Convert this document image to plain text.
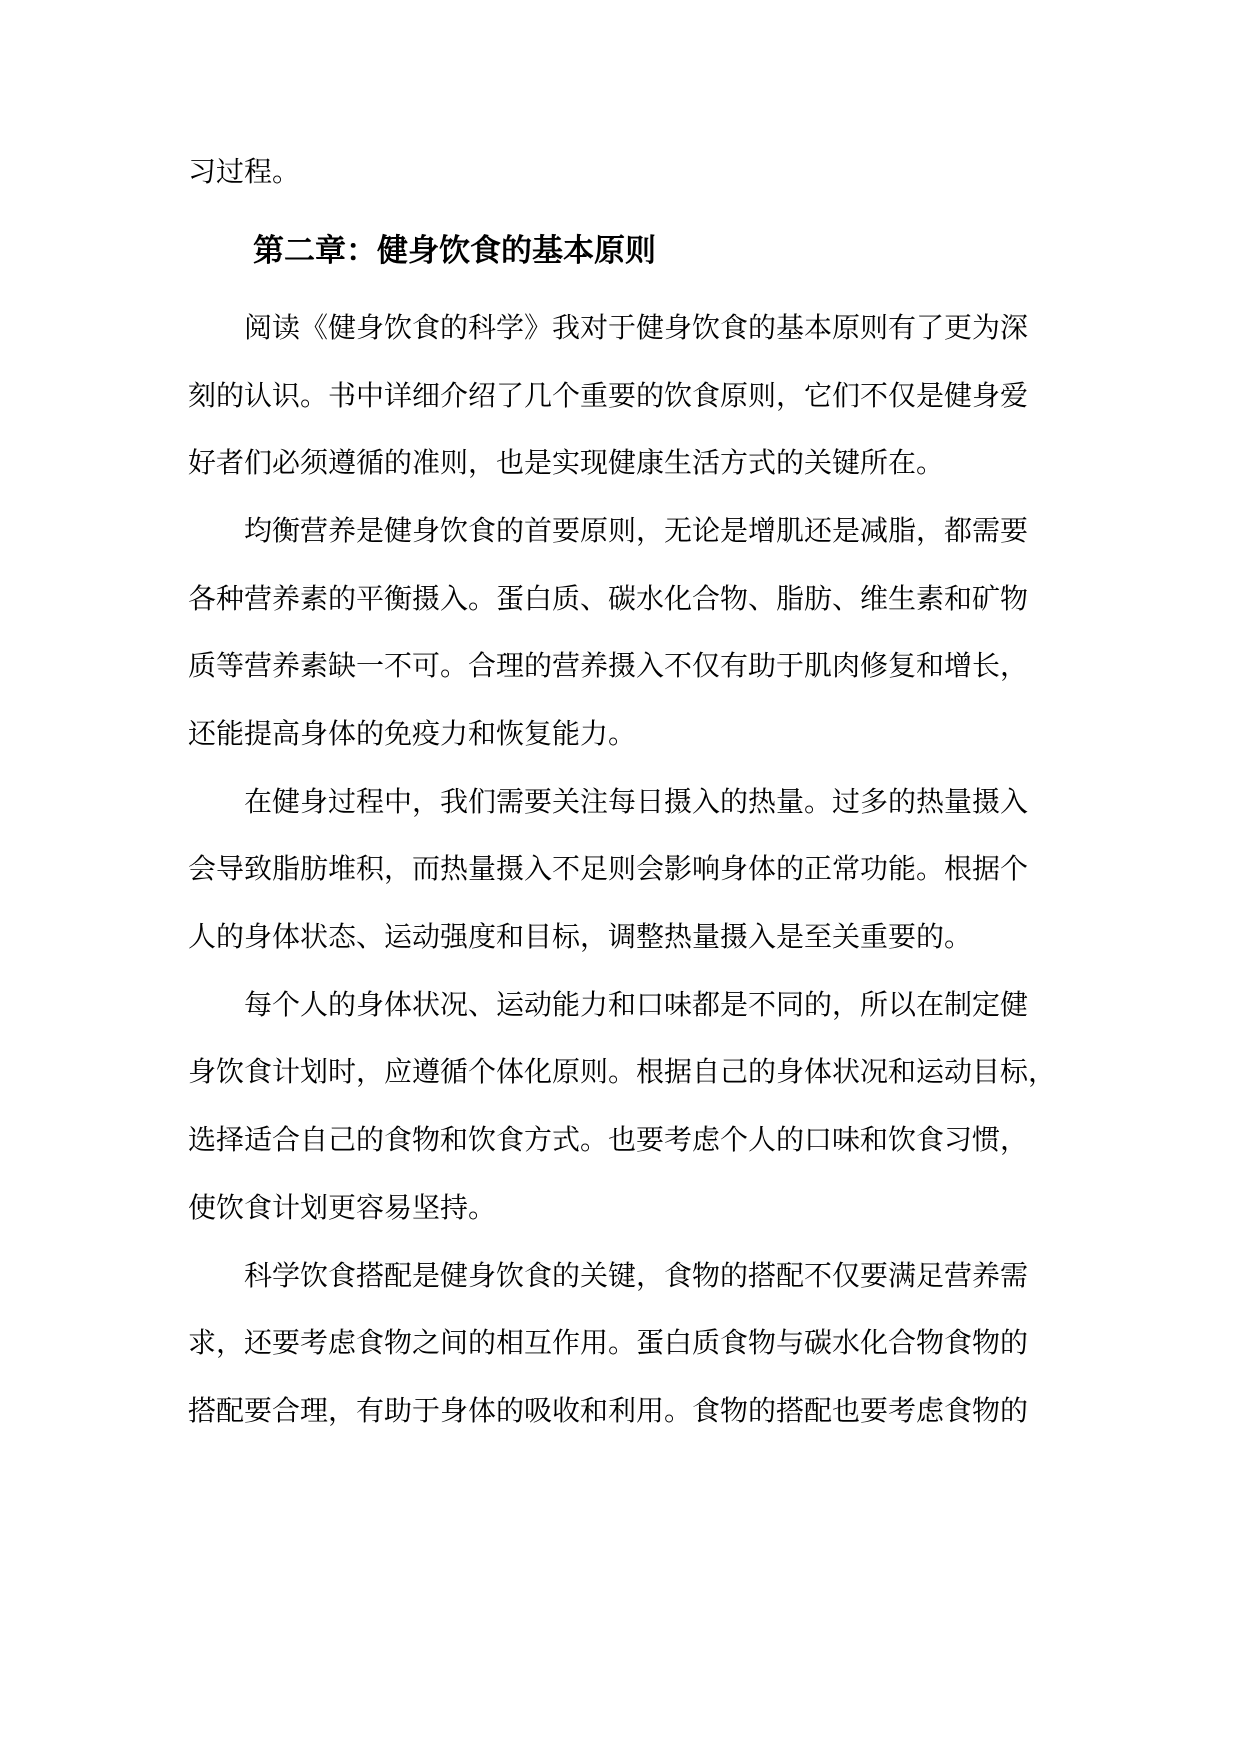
习过程。
第二章：健身饮食的基本原则
阅读《健身饮食的科学》我对于健身饮食的基本原则有了更为深
刻的认识。书中详细介绍了几个重要的饮食原则，它们不仅是健身爱
好者们必须遵循的准则，也是实现健康生活方式的关键所在。
均衡营养是健身饮食的首要原则，无论是增肌还是减脂，都需要
各种营养素的平衡摄入。蛋白质、碳水化合物、脂肪、维生素和矿物
质等营养素缺一不可。合理的营养摄入不仅有助于肌肉修复和增长，
还能提高身体的免疫力和恢复能力。
在健身过程中，我们需要关注每日摄入的热量。过多的热量摄入
会导致脂肪堆积，而热量摄入不足则会影响身体的正常功能。根据个
人的身体状态、运动强度和目标，调整热量摄入是至关重要的。
每个人的身体状况、运动能力和口味都是不同的，所以在制定健
身饮食计划时，应遵循个体化原则。根据自己的身体状况和运动目标，
选择适合自己的食物和饮食方式。也要考虑个人的口味和饮食习惯，
使饮食计划更容易坚持。
科学饮食搭配是健身饮食的关键，食物的搭配不仅要满足营养需
求，还要考虑食物之间的相互作用。蛋白质食物与碳水化合物食物的
搭配要合理，有助于身体的吸收和利用。食物的搭配也要考虑食物的
